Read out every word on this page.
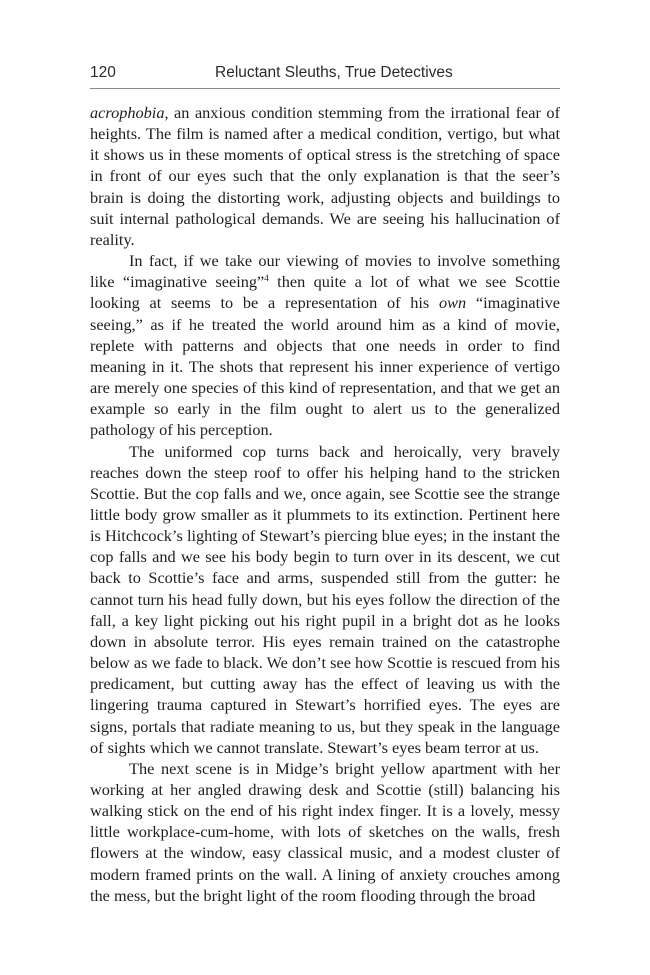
120	Reluctant Sleuths, True Detectives

acrophobia, an anxious condition stemming from the irrational fear of heights. The film is named after a medical condition, vertigo, but what it shows us in these moments of optical stress is the stretching of space in front of our eyes such that the only explanation is that the seer’s brain is doing the distorting work, adjusting objects and buildings to suit internal pathological demands. We are seeing his hallucination of reality.

In fact, if we take our viewing of movies to involve something like “imaginative seeing”$^4$ then quite a lot of what we see Scottie looking at seems to be a representation of his own “imaginative seeing,” as if he treated the world around him as a kind of movie, replete with patterns and objects that one needs in order to find meaning in it. The shots that represent his inner experience of vertigo are merely one species of this kind of representation, and that we get an example so early in the film ought to alert us to the generalized pathology of his perception.

The uniformed cop turns back and heroically, very bravely reaches down the steep roof to offer his helping hand to the stricken Scottie. But the cop falls and we, once again, see Scottie see the strange little body grow smaller as it plummets to its extinction. Pertinent here is Hitchcock’s lighting of Stewart’s piercing blue eyes; in the instant the cop falls and we see his body begin to turn over in its descent, we cut back to Scottie’s face and arms, suspended still from the gutter: he cannot turn his head fully down, but his eyes follow the direction of the fall, a key light picking out his right pupil in a bright dot as he looks down in absolute terror. His eyes remain trained on the catastrophe below as we fade to black. We don’t see how Scottie is rescued from his predicament, but cutting away has the effect of leaving us with the lingering trauma captured in Stewart’s horrified eyes. The eyes are signs, portals that radiate meaning to us, but they speak in the language of sights which we cannot translate. Stewart’s eyes beam terror at us.

The next scene is in Midge’s bright yellow apartment with her working at her angled drawing desk and Scottie (still) balancing his walking stick on the end of his right index finger. It is a lovely, messy little workplace-cum-home, with lots of sketches on the walls, fresh flowers at the window, easy classical music, and a modest cluster of modern framed prints on the wall. A lining of anxiety crouches among the mess, but the bright light of the room flooding through the broad
